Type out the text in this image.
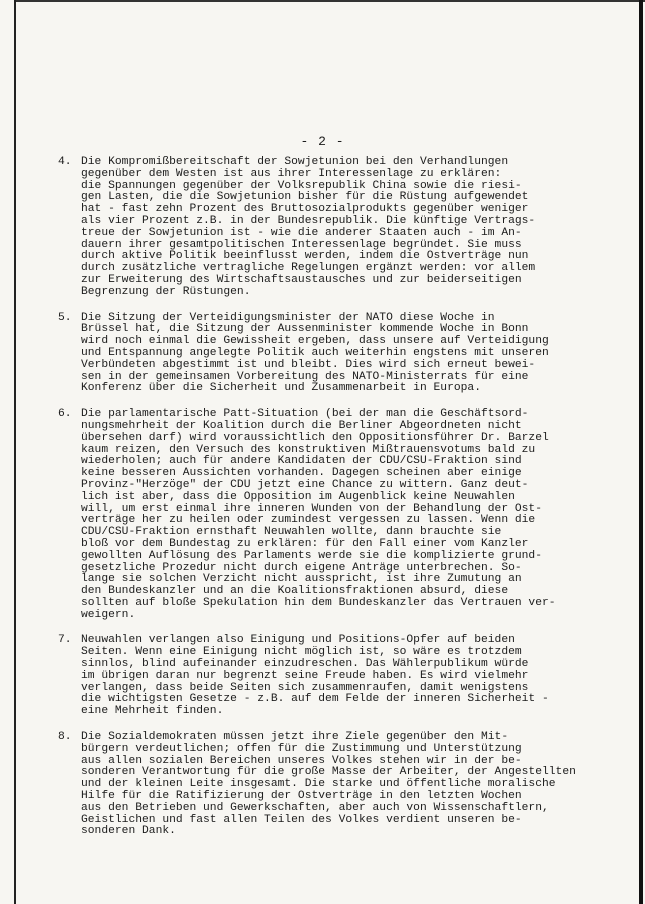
- 2 -
4. Die Kompromißbereitschaft der Sowjetunion bei den Verhandlungen
gegenüber dem Westen ist aus ihrer Interessenlage zu erklären:
die Spannungen gegenüber der Volksrepublik China sowie die riesi-
gen Lasten, die die Sowjetunion bisher für die Rüstung aufgewendet
hat - fast zehn Prozent des Bruttosozialprodukts gegenüber weniger
als vier Prozent z.B. in der Bundesrepublik. Die künftige Vertrags-
treue der Sowjetunion ist - wie die anderer Staaten auch - im An-
dauern ihrer gesamtpolitischen Interessenlage begründet. Sie muss
durch aktive Politik beeinflusst werden, indem die Ostverträge nun
durch zusätzliche vertragliche Regelungen ergänzt werden: vor allem
zur Erweiterung des Wirtschaftsaustausches und zur beiderseitigen
Begrenzung der Rüstungen.
5. Die Sitzung der Verteidigungsminister der NATO diese Woche in
Brüssel hat, die Sitzung der Aussenminister kommende Woche in Bonn
wird noch einmal die Gewissheit ergeben, dass unsere auf Verteidigung
und Entspannung angelegte Politik auch weiterhin engstens mit unseren
Verbündeten abgestimmt ist und bleibt. Dies wird sich erneut bewei-
sen in der gemeinsamen Vorbereitung des NATO-Ministerrats für eine
Konferenz über die Sicherheit und Zusammenarbeit in Europa.
6. Die parlamentarische Patt-Situation (bei der man die Geschäftsord-
nungsmehrheit der Koalition durch die Berliner Abgeordneten nicht
übersehen darf) wird voraussichtlich den Oppositionsführer Dr. Barzel
kaum reizen, den Versuch des konstruktiven Mißtrauensvotums bald zu
wiederholen; auch für andere Kandidaten der CDU/CSU-Fraktion sind
keine besseren Aussichten vorhanden. Dagegen scheinen aber einige
Provinz-"Herzöge" der CDU jetzt eine Chance zu wittern. Ganz deut-
lich ist aber, dass die Opposition im Augenblick keine Neuwahlen
will, um erst einmal ihre inneren Wunden von der Behandlung der Ost-
verträge her zu heilen oder zumindest vergessen zu lassen. Wenn die
CDU/CSU-Fraktion ernsthaft Neuwahlen wollte, dann brauchte sie
bloß vor dem Bundestag zu erklären: für den Fall einer vom Kanzler
gewollten Auflösung des Parlaments werde sie die komplizierte grund-
gesetzliche Prozedur nicht durch eigene Anträge unterbrechen. So-
lange sie solchen Verzicht nicht ausspricht, ist ihre Zumutung an
den Bundeskanzler und an die Koalitionsfraktionen absurd, diese
sollten auf bloße Spekulation hin dem Bundeskanzler das Vertrauen ver-
weigern.
7. Neuwahlen verlangen also Einigung und Positions-Opfer auf beiden
Seiten. Wenn eine Einigung nicht möglich ist, so wäre es trotzdem
sinnlos, blind aufeinander einzudreschen. Das Wählerpublikum würde
im übrigen daran nur begrenzt seine Freude haben. Es wird vielmehr
verlangen, dass beide Seiten sich zusammenraufen, damit wenigstens
die wichtigsten Gesetze - z.B. auf dem Felde der inneren Sicherheit -
eine Mehrheit finden.
8. Die Sozialdemokraten müssen jetzt ihre Ziele gegenüber den Mit-
bürgern verdeutlichen; offen für die Zustimmung und Unterstützung
aus allen sozialen Bereichen unseres Volkes stehen wir in der be-
sonderen Verantwortung für die große Masse der Arbeiter, der Angestellten
und der kleinen Leite insgesamt. Die starke und öffentliche moralische
Hilfe für die Ratifizierung der Ostverträge in den letzten Wochen
aus den Betrieben und Gewerkschaften, aber auch von Wissenschaftlern,
Geistlichen und fast allen Teilen des Volkes verdient unseren be-
sonderen Dank.
